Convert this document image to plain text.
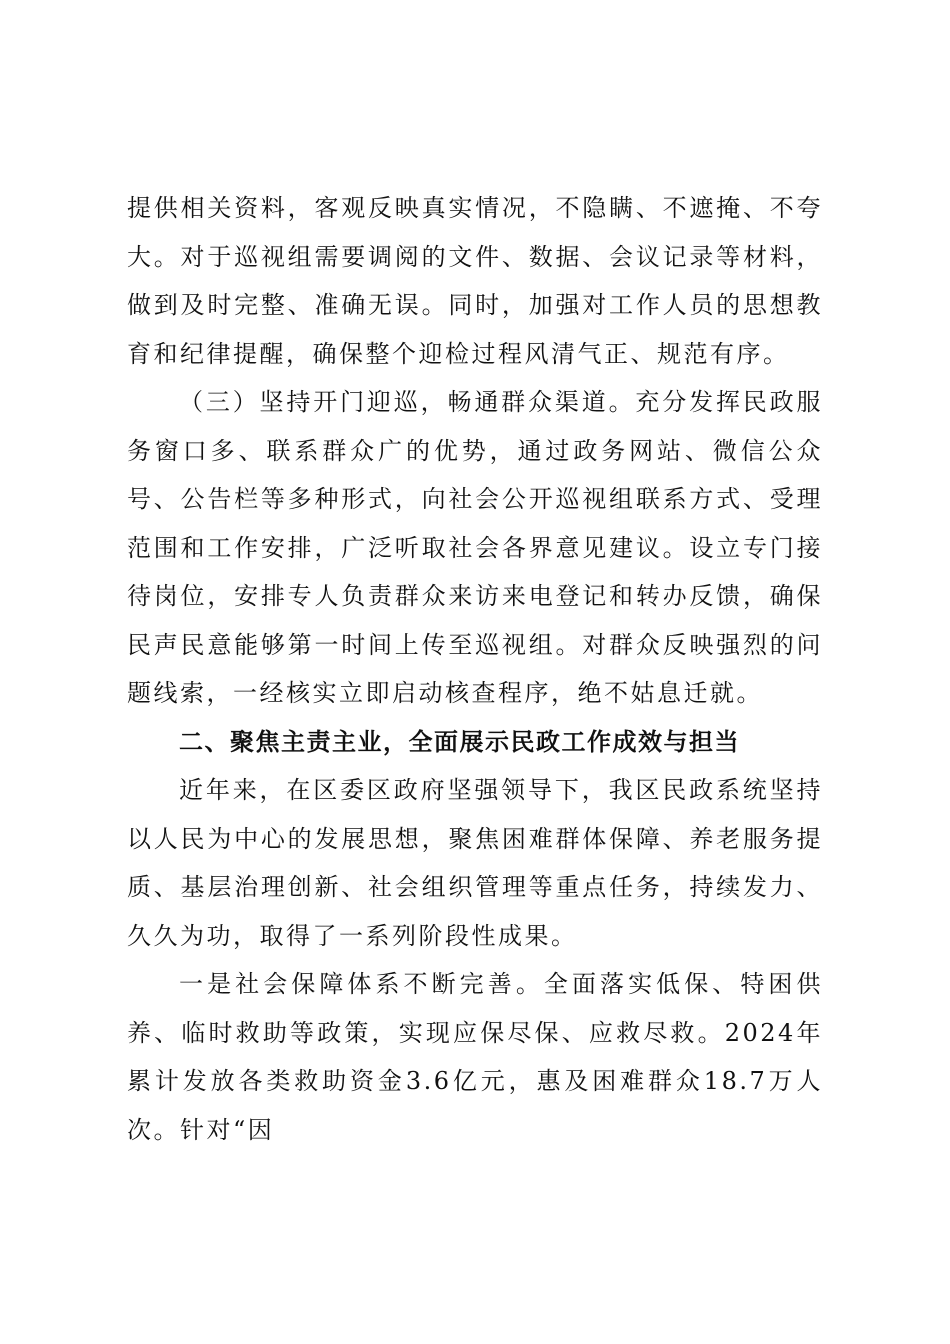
提供相关资料，客观反映真实情况，不隐瞒、不遮掩、不夸大。对于巡视组需要调阅的文件、数据、会议记录等材料，做到及时完整、准确无误。同时，加强对工作人员的思想教育和纪律提醒，确保整个迎检过程风清气正、规范有序。

（三）坚持开门迎巡，畅通群众渠道。充分发挥民政服务窗口多、联系群众广的优势，通过政务网站、微信公众号、公告栏等多种形式，向社会公开巡视组联系方式、受理范围和工作安排，广泛听取社会各界意见建议。设立专门接待岗位，安排专人负责群众来访来电登记和转办反馈，确保民声民意能够第一时间上传至巡视组。对群众反映强烈的问题线索，一经核实立即启动核查程序，绝不姑息迁就。

二、聚焦主责主业，全面展示民政工作成效与担当

近年来，在区委区政府坚强领导下，我区民政系统坚持以人民为中心的发展思想，聚焦困难群体保障、养老服务提质、基层治理创新、社会组织管理等重点任务，持续发力、久久为功，取得了一系列阶段性成果。

一是社会保障体系不断完善。全面落实低保、特困供养、临时救助等政策，实现应保尽保、应救尽救。2024年累计发放各类救助资金3.6亿元，惠及困难群众18.7万人次。针对“因
